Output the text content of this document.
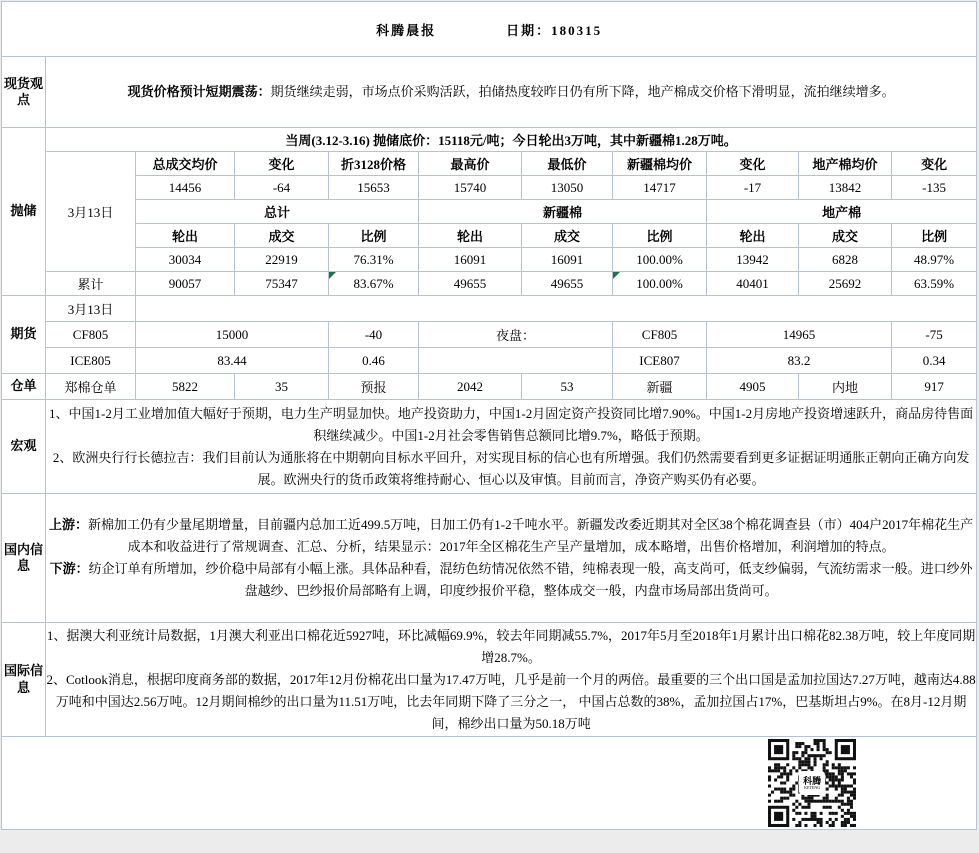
科腾晨报 日期：180315										
现货观点	现货价格预计短期震荡：期货继续走弱，市场点价采购活跃，拍储热度较昨日仍有所下降，地产棉成交价格下滑明显，流拍继续增多。									

抛储	当周(3.12-3.16) 抛储底价：15118元/吨；今日轮出3万吨，其中新疆棉1.28万吨。									
	3月13日	总成交均价	变化	折3128价格	最高价	最低价	新疆棉均价	变化	地产棉均价	变化
		14456	-64	15653	15740	13050	14717	-17	13842	-135
		总计			新疆棉			地产棉		
		轮出	成交	比例	轮出	成交	比例	轮出	成交	比例
		30034	22919	76.31%	16091	16091	100.00%	13942	6828	48.97%
	累计	90057	75347	83.67%	49655	49655	100.00%	40401	25692	63.59%
期货	3月13日									
	CF805	15000		-40	夜盘：		CF805	14965		-75
	ICE805	83.44		0.46			ICE807	83.2		0.34
仓单	郑棉仓单	5822	35	预报	2042	53	新疆	4905	内地	917
宏观	1、中国1-2月工业增加值大幅好于预期，电力生产明显加快。地产投资助力，中国1-2月固定资产投资同比增7.90%。中国1-2月房地产投资增速跃升，商品房待售面积继续减少。中国1-2月社会零售销售总额同比增9.7%，略低于预期。

2、欧洲央行行长德拉吉：我们目前认为通胀将在中期朝向目标水平回升，对实现目标的信心也有所增强。我们仍然需要看到更多证据证明通胀正朝向正确方向发展。欧洲央行的货币政策将维持耐心、恒心以及审慎。目前而言，净资产购买仍有必要。									

国内信息	上游：新棉加工仍有少量尾期增量，目前疆内总加工近499.5万吨，日加工仍有1-2千吨水平。新疆发改委近期其对全区38个棉花调查县（市）404户2017年棉花生产成本和收益进行了常规调查、汇总、分析，结果显示：2017年全区棉花生产呈产量增加，成本略增，出售价格增加，利润增加的特点。

下游：纺企订单有所增加，纱价稳中局部有小幅上涨。具体品种看，混纺色纺情况依然不错，纯棉表现一般，高支尚可，低支纱偏弱，气流纺需求一般。进口纱外盘越纱、巴纱报价局部略有上调，印度纱报价平稳，整体成交一般，内盘市场局部出货尚可。									

国际信息	1、据澳大利亚统计局数据，1月澳大利亚出口棉花近5927吨，环比减幅69.9%，较去年同期减55.7%，2017年5月至2018年1月累计出口棉花82.38万吨，较上年度同期增28.7%。

2、Cotlook消息，根据印度商务部的数据，2017年12月份棉花出口量为17.47万吨，几乎是前一个月的两倍。最重要的三个出口国是孟加拉国达7.27万吨，越南达4.88万吨和中国达2.56万吨。12月期间棉纱的出口量为11.51万吨，比去年同期下降了三分之一， 中国占总数的38%，孟加拉国占17%，巴基斯坦占9%。在8月-12月期间，棉纱出口量为50.18万吨									

科腾
KETENG										
